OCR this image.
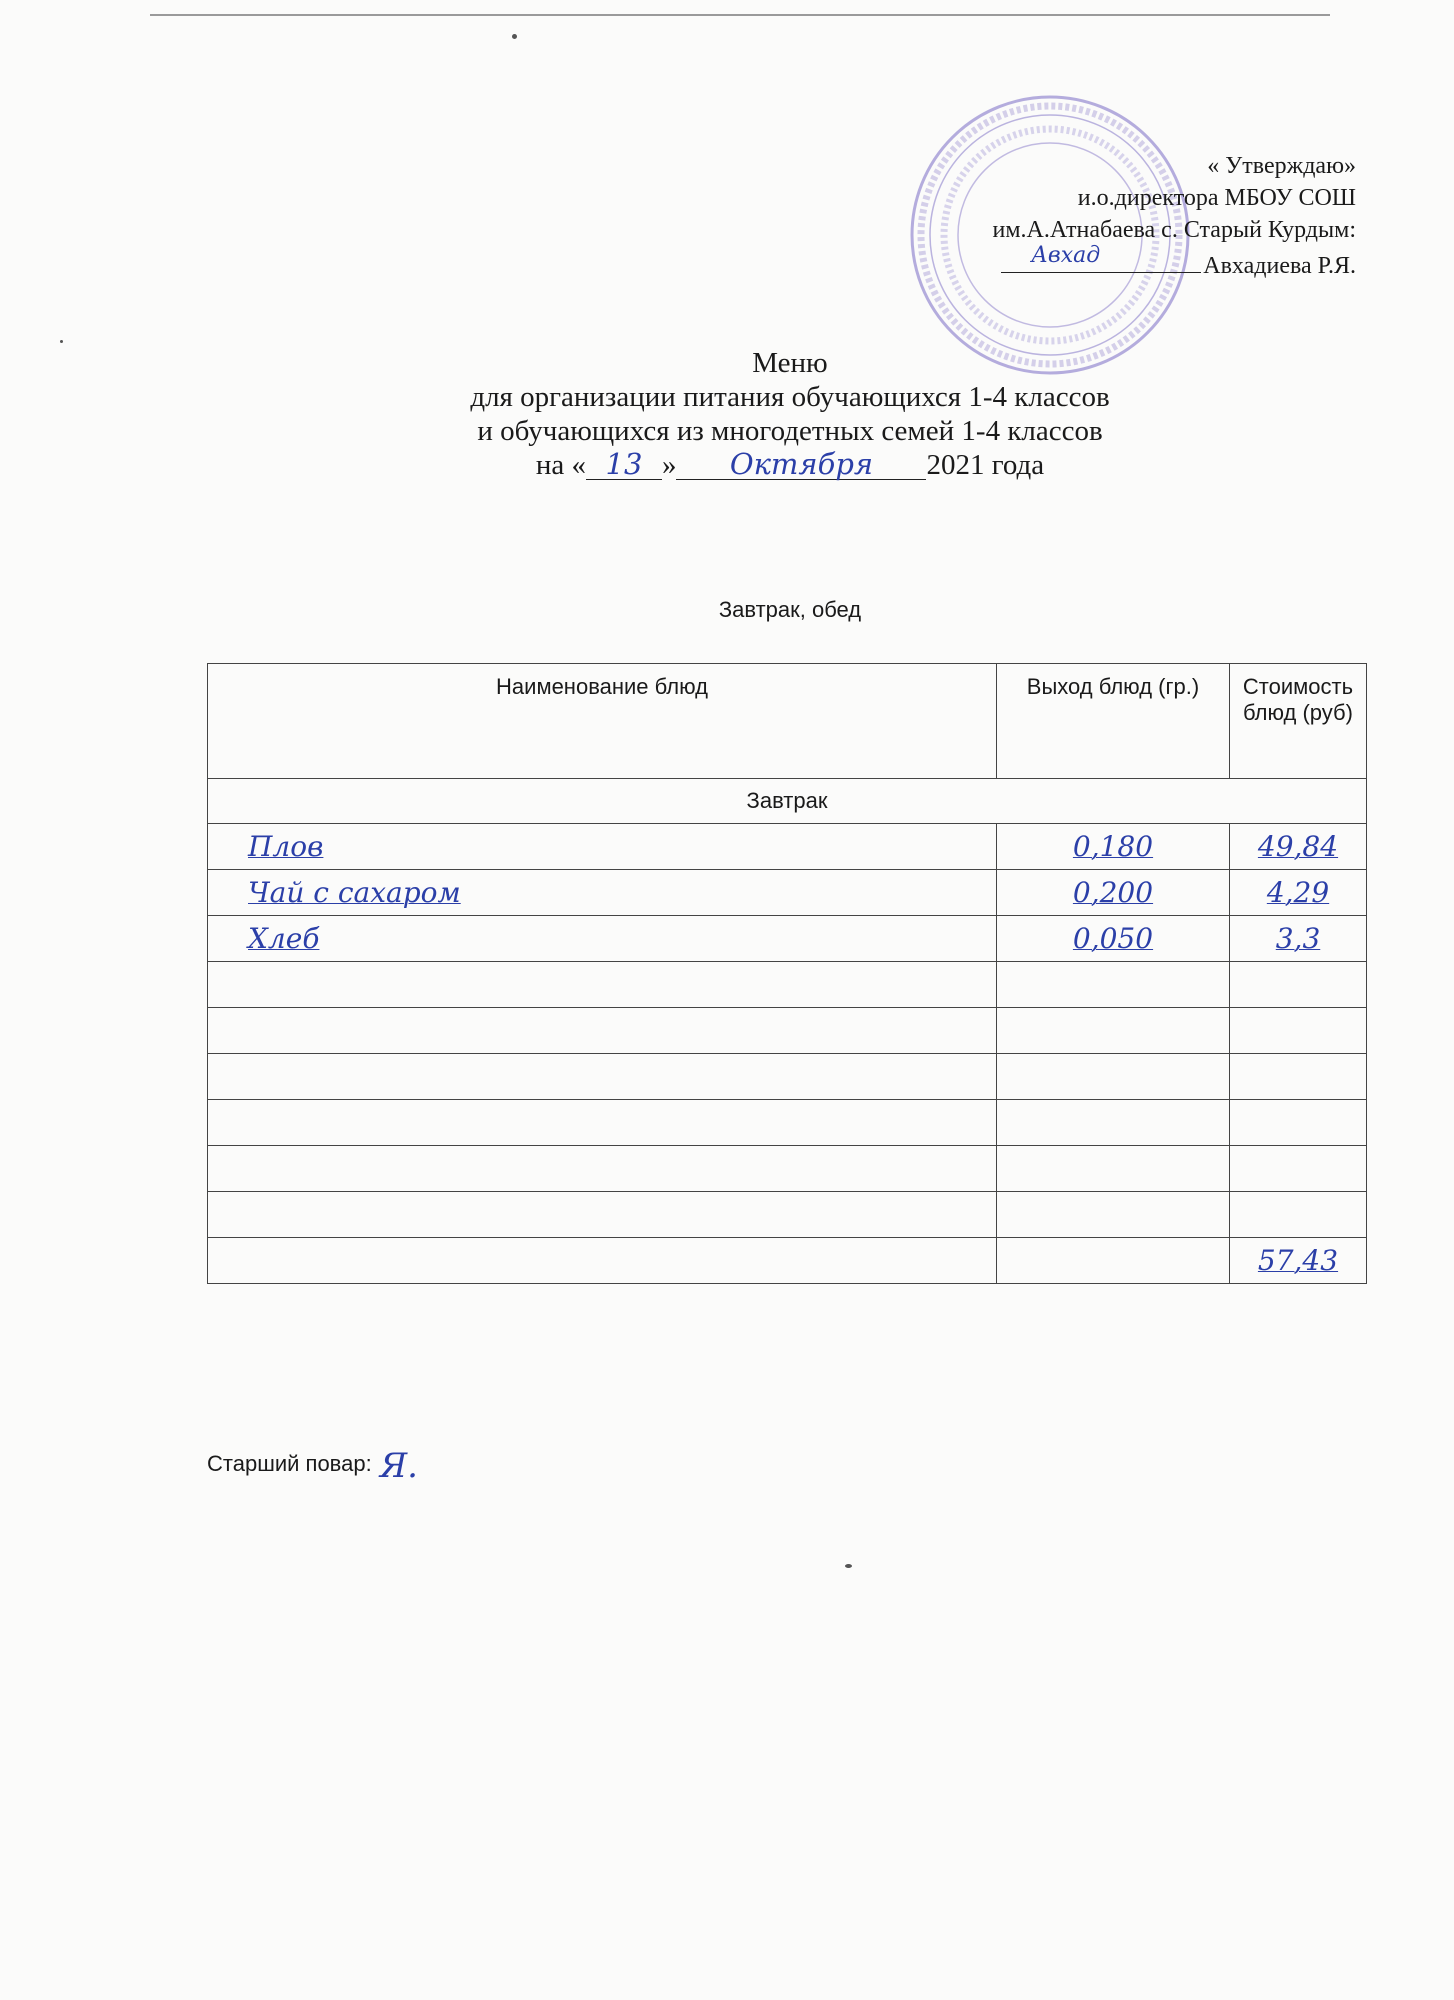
« Утверждаю»
и.о.директора МБОУ СОШ
им.А.Атнабаева с. Старый Курдым:
Авхад	Авхадиева Р.Я.
Меню
для организации питания обучающихся 1-4 классов
и обучающихся из многодетных семей 1-4 классов
на « 13 » Октября 2021 года
Завтрак, обед
Наименование блюд	Выход блюд (гр.)	Стоимость блюд (руб)
Завтрак		
Плов	0,180	49,84
Чай с сахаром	0,200	4,29
Хлеб	0,050	3,3

		57,43
Старший повар: Я.
